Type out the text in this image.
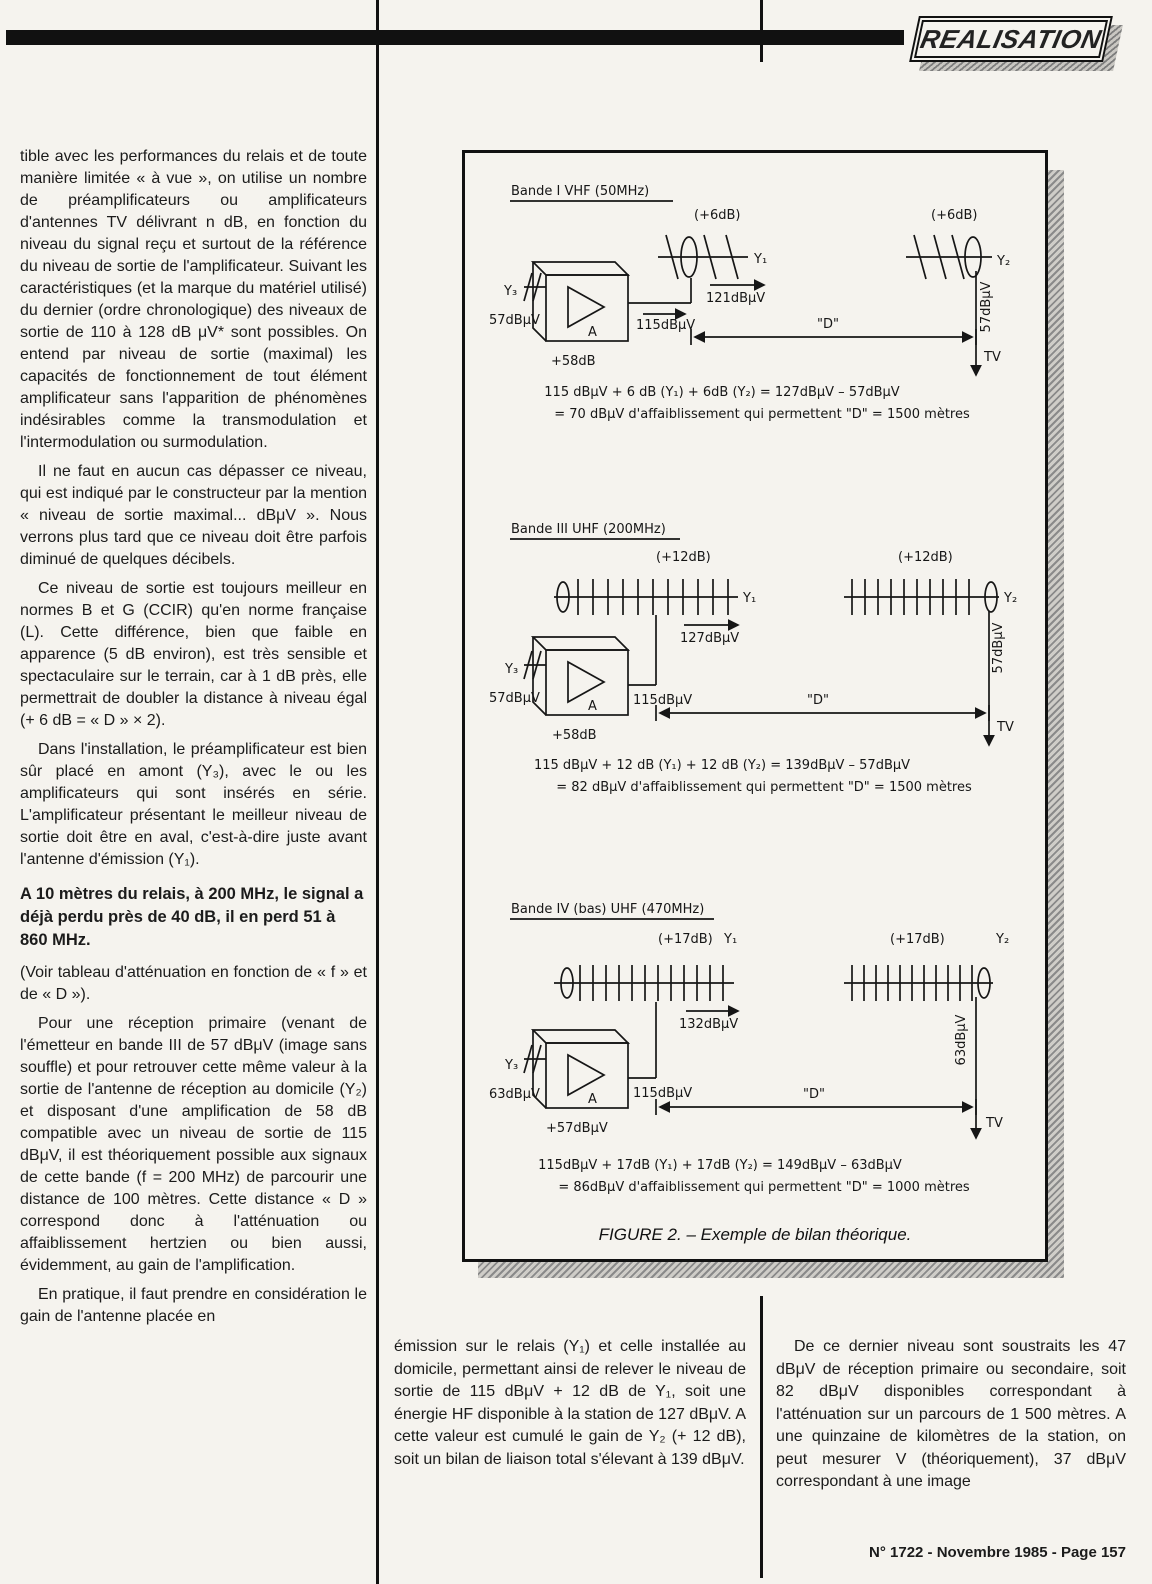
REALISATION

tible avec les performances du relais et de toute manière limitée « à vue », on utilise un nombre de préamplificateurs ou amplificateurs d'antennes TV délivrant n dB, en fonction du niveau du signal reçu et surtout de la référence du niveau de sortie de l'amplificateur. Suivant les caractéristiques (et la marque du matériel utilisé) du dernier (ordre chronologique) des niveaux de sortie de 110 à 128 dB μV* sont possibles. On entend par niveau de sortie (maximal) les capacités de fonctionnement de tout élément amplificateur sans l'apparition de phénomènes indésirables comme la transmodulation et l'intermodulation ou surmodulation.

Il ne faut en aucun cas dépasser ce niveau, qui est indiqué par le constructeur par la mention « niveau de sortie maximal... dBμV ». Nous verrons plus tard que ce niveau doit être parfois diminué de quelques décibels.

Ce niveau de sortie est toujours meilleur en normes B et G (CCIR) qu'en norme française (L). Cette différence, bien que faible en apparence (5 dB environ), est très sensible et spectaculaire sur le terrain, car à 1 dB près, elle permettrait de doubler la distance à niveau égal (+ 6 dB = « D » × 2).

Dans l'installation, le préamplificateur est bien sûr placé en amont (Y₃), avec le ou les amplificateurs qui sont insérés en série. L'amplificateur présentant le meilleur niveau de sortie doit être en aval, c'est-à-dire juste avant l'antenne d'émission (Y₁).

A 10 mètres du relais, à 200 MHz, le signal a déjà perdu près de 40 dB, il en perd 51 à 860 MHz.

(Voir tableau d'atténuation en fonction de « f » et de « D »).

Pour une réception primaire (venant de l'émetteur en bande III de 57 dBμV (image sans souffle) et pour retrouver cette même valeur à la sortie de l'antenne de réception au domicile (Y₂) et disposant d'une amplification de 58 dB compatible avec un niveau de sortie de 115 dBμV, il est théoriquement possible aux signaux de cette bande (f = 200 MHz) de parcourir une distance de 100 mètres. Cette distance « D » correspond donc à l'atténuation ou affaiblissement hertzien ou bien aussi, évidemment, au gain de l'amplification.

En pratique, il faut prendre en considération le gain de l'antenne placée en

Bande I VHF (50MHz)
(+6dB)
Y₁
121dBμV
Y₃
57dBμV
A
+58dB
115dBμV	"D"
(+6dB)
Y₂
57dBμV
TV
115 dBμV + 6 dB (Y₁) + 6dB (Y₂) = 127dBμV – 57dBμV
= 70 dBμV d'affaiblissement qui permettent "D" = 1500 mètres
Bande III UHF (200MHz)
(+12dB)
Y₁
127dBμV
Y₃
57dBμV
A
+58dB
115dBμV	"D"
(+12dB)
Y₂
57dBμV
TV
115 dBμV + 12 dB (Y₁) + 12 dB (Y₂) = 139dBμV – 57dBμV
= 82 dBμV d'affaiblissement qui permettent "D" = 1500 mètres
Bande IV (bas) UHF (470MHz)
(+17dB) Y₁
132dBμV
Y₃
63dBμV	A
+57dBμV
115dBμV	"D"
(+17dB)	Y₂
63dBμV
TV
115dBμV + 17dB (Y₁) + 17dB (Y₂) = 149dBμV – 63dBμV
= 86dBμV d'affaiblissement qui permettent "D" = 1000 mètres
FIGURE 2. – Exemple de bilan théorique.

émission sur le relais (Y₁) et celle installée au domicile, permettant ainsi de relever le niveau de sortie de 115 dBμV + 12 dB de Y₁, soit une énergie HF disponible à la station de 127 dBμV. A cette valeur est cumulé le gain de Y₂ (+ 12 dB), soit un bilan de liaison total s'élevant à 139 dBμV.

De ce dernier niveau sont soustraits les 47 dBμV de réception primaire ou secondaire, soit 82 dBμV disponibles correspondant à l'atténuation sur un parcours de 1 500 mètres. A une quinzaine de kilomètres de la station, on peut mesurer V (théoriquement), 37 dBμV correspondant à une image

N° 1722 - Novembre 1985 - Page 157
